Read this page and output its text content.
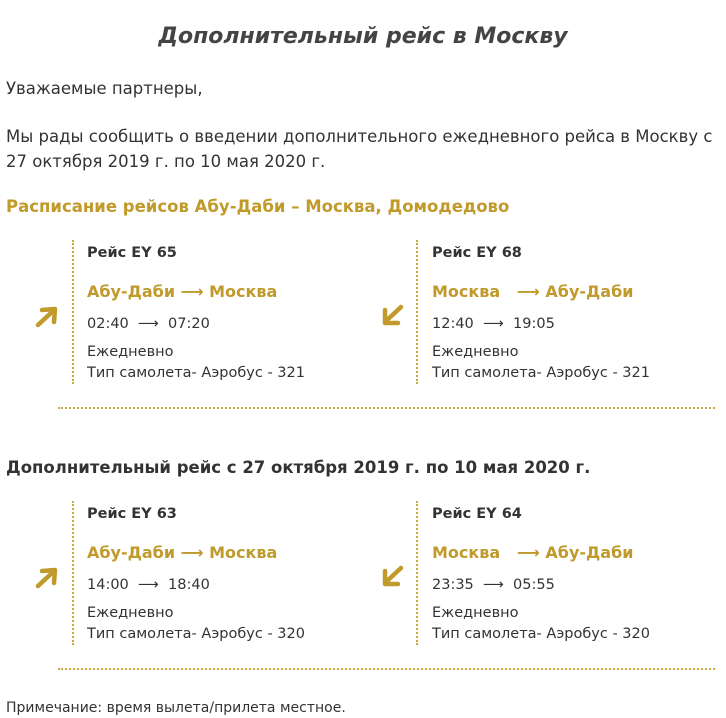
Дополнительный рейс в Москву
Уважаемые партнеры,
Мы рады сообщить о введении дополнительного ежедневного рейса в Москву с
27 октября 2019 г. по 10 мая 2020 г.
Расписание рейсов Абу-Даби – Москва, Домодедово
Рейс EY 65
Абу-Даби ⟶ Москва
02:40  ⟶  07:20
Ежедневно
Тип самолета- Аэробус - 321
Рейс EY 68
Москва   ⟶ Абу-Даби
12:40  ⟶  19:05
Ежедневно
Тип самолета- Аэробус - 321
Дополнительный рейс с 27 октября 2019 г. по 10 мая 2020 г.
Рейс EY 63
Абу-Даби ⟶ Москва
14:00  ⟶  18:40
Ежедневно
Тип самолета- Аэробус - 320
Рейс EY 64
Москва   ⟶ Абу-Даби
23:35  ⟶  05:55
Ежедневно
Тип самолета- Аэробус - 320
Примечание: время вылета/прилета местное.
